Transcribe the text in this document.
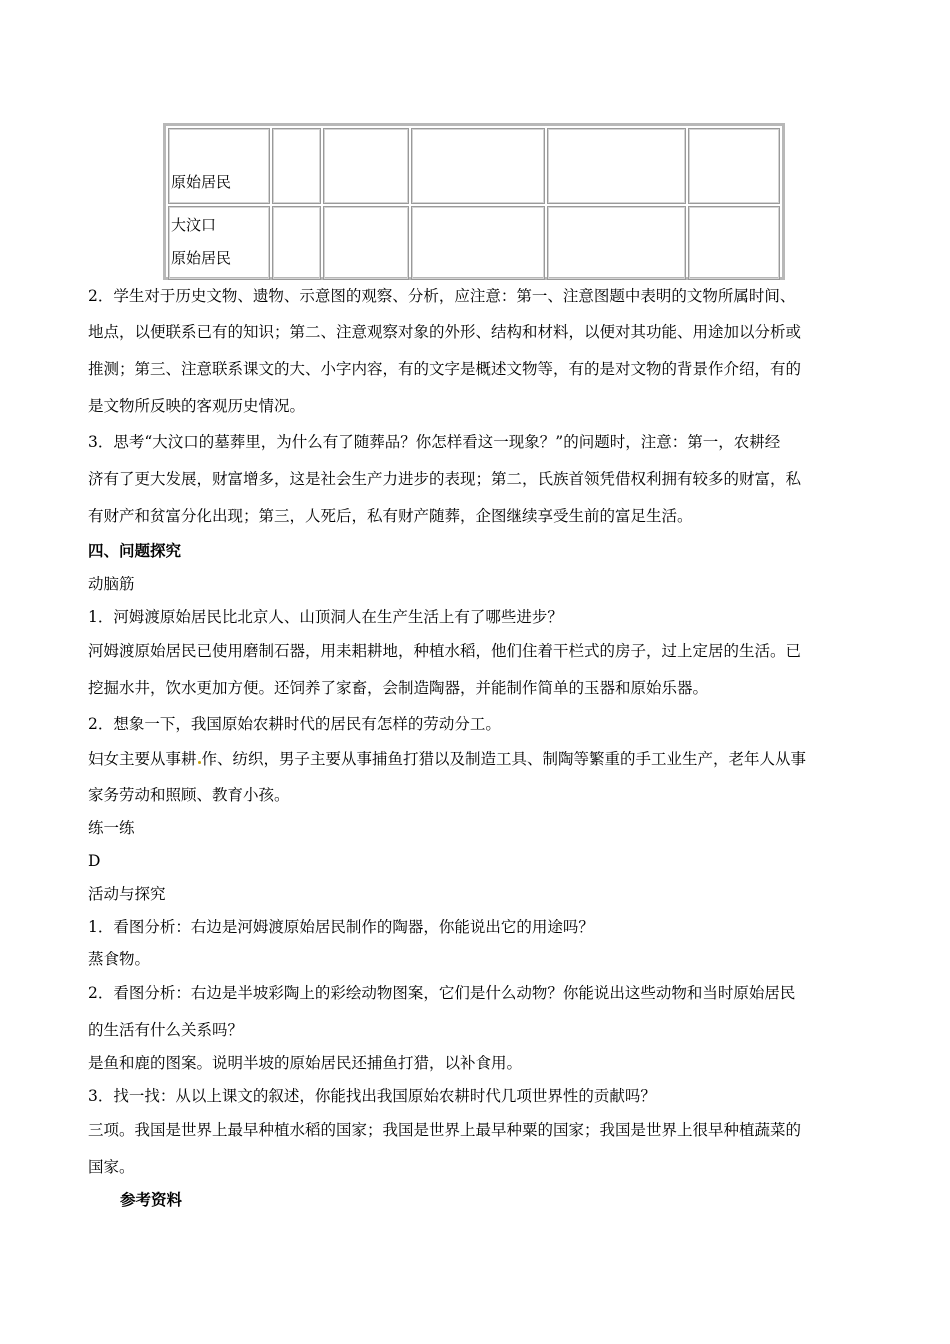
原始居民					

大汶口
原始居民					

2．学生对于历史文物、遗物、示意图的观察、分析，应注意：第一、注意图题中表明的文物所属时间、
地点，以便联系已有的知识；第二、注意观察对象的外形、结构和材料，以便对其功能、用途加以分析或
推测；第三、注意联系课文的大、小字内容，有的文字是概述文物等，有的是对文物的背景作介绍，有的
是文物所反映的客观历史情况。
3．思考“大汶口的墓葬里，为什么有了随葬品？你怎样看这一现象？”的问题时，注意：第一，农耕经
济有了更大发展，财富增多，这是社会生产力进步的表现；第二，氏族首领凭借权利拥有较多的财富，私
有财产和贫富分化出现；第三，人死后，私有财产随葬，企图继续享受生前的富足生活。
四、问题探究
动脑筋
1．河姆渡原始居民比北京人、山顶洞人在生产生活上有了哪些进步？
河姆渡原始居民已使用磨制石器，用耒耜耕地，种植水稻，他们住着干栏式的房子，过上定居的生活。已
挖掘水井，饮水更加方便。还饲养了家畜，会制造陶器，并能制作简单的玉器和原始乐器。
2．想象一下，我国原始农耕时代的居民有怎样的劳动分工。
妇女主要从事耕 作、纺织，男子主要从事捕鱼打猎以及制造工具、制陶等繁重的手工业生产，老年人从事
家务劳动和照顾、教育小孩。
练一练
D
活动与探究
1．看图分析：右边是河姆渡原始居民制作的陶器，你能说出它的用途吗？
蒸食物。
2．看图分析：右边是半坡彩陶上的彩绘动物图案，它们是什么动物？你能说出这些动物和当时原始居民
的生活有什么关系吗？
是鱼和鹿的图案。说明半坡的原始居民还捕鱼打猎，以补食用。
3．找一找：从以上课文的叙述，你能找出我国原始农耕时代几项世界性的贡献吗？
三项。我国是世界上最早种植水稻的国家；我国是世界上最早种粟的国家；我国是世界上很早种植蔬菜的
国家。
参考资料
